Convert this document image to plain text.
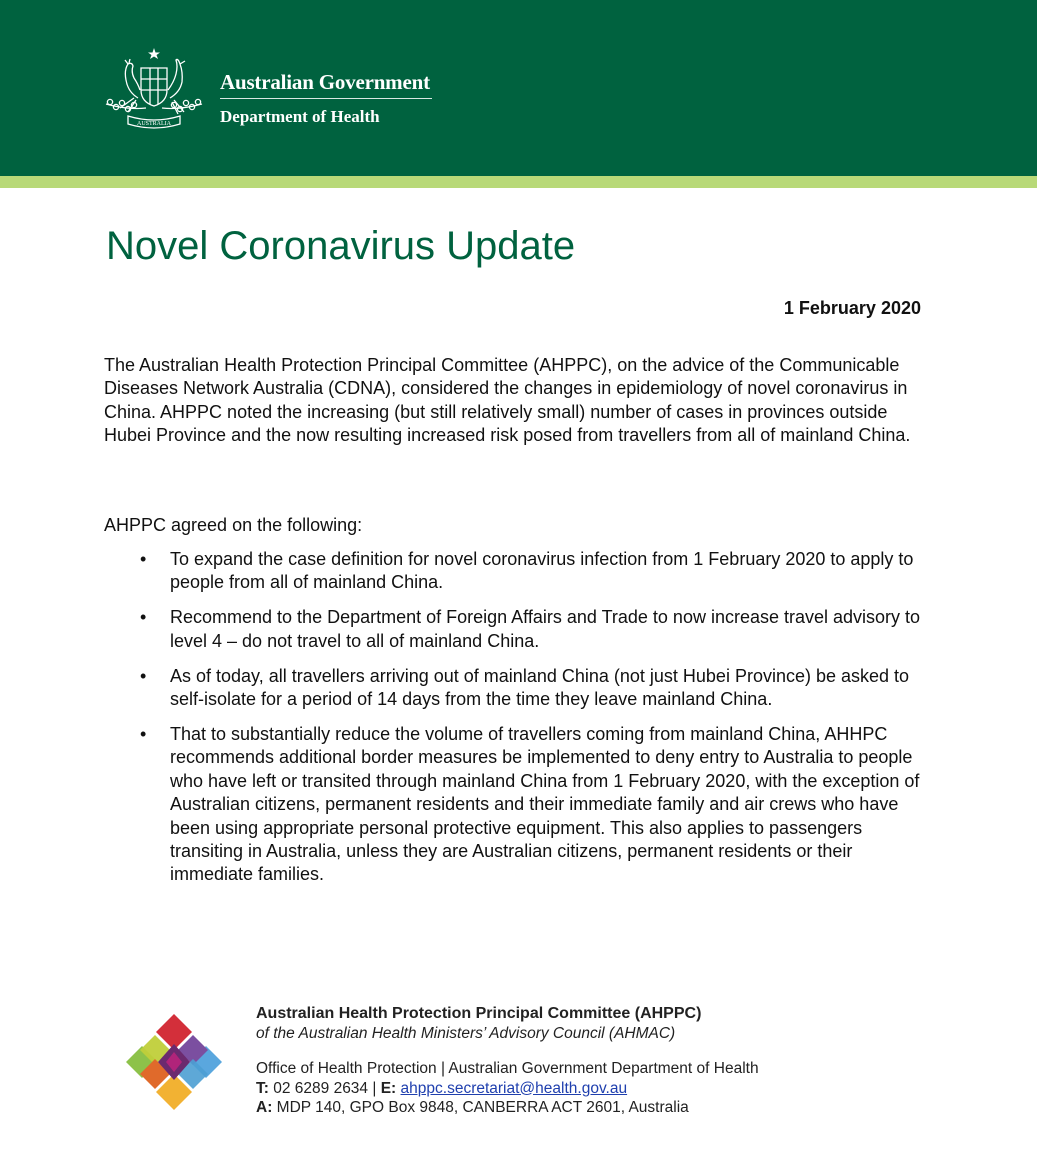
AUSTRALIA
Australian Government
Department of Health
Novel Coronavirus Update
1 February 2020

The Australian Health Protection Principal Committee (AHPPC), on the advice of the Communicable Diseases Network Australia (CDNA), considered the changes in epidemiology of novel coronavirus in China. AHPPC noted the increasing (but still relatively small) number of cases in provinces outside Hubei Province and the now resulting increased risk posed from travellers from all of mainland China.

AHPPC agreed on the following:

• To expand the case definition for novel coronavirus infection from 1 February 2020 to apply to people from all of mainland China.
• Recommend to the Department of Foreign Affairs and Trade to now increase travel advisory to level 4 – do not travel to all of mainland China.
• As of today, all travellers arriving out of mainland China (not just Hubei Province) be asked to self-isolate for a period of 14 days from the time they leave mainland China.
• That to substantially reduce the volume of travellers coming from mainland China, AHHPC recommends additional border measures be implemented to deny entry to Australia to people who have left or transited through mainland China from 1 February 2020, with the exception of Australian citizens, permanent residents and their immediate family and air crews who have been using appropriate personal protective equipment. This also applies to passengers transiting in Australia, unless they are Australian citizens, permanent residents or their immediate families.
Australian Health Protection Principal Committee (AHPPC)
of the Australian Health Ministers’ Advisory Council (AHMAC)
Office of Health Protection | Australian Government Department of Health
T: 02 6289 2634 | E: ahppc.secretariat@health.gov.au
A: MDP 140, GPO Box 9848, CANBERRA ACT 2601, Australia
